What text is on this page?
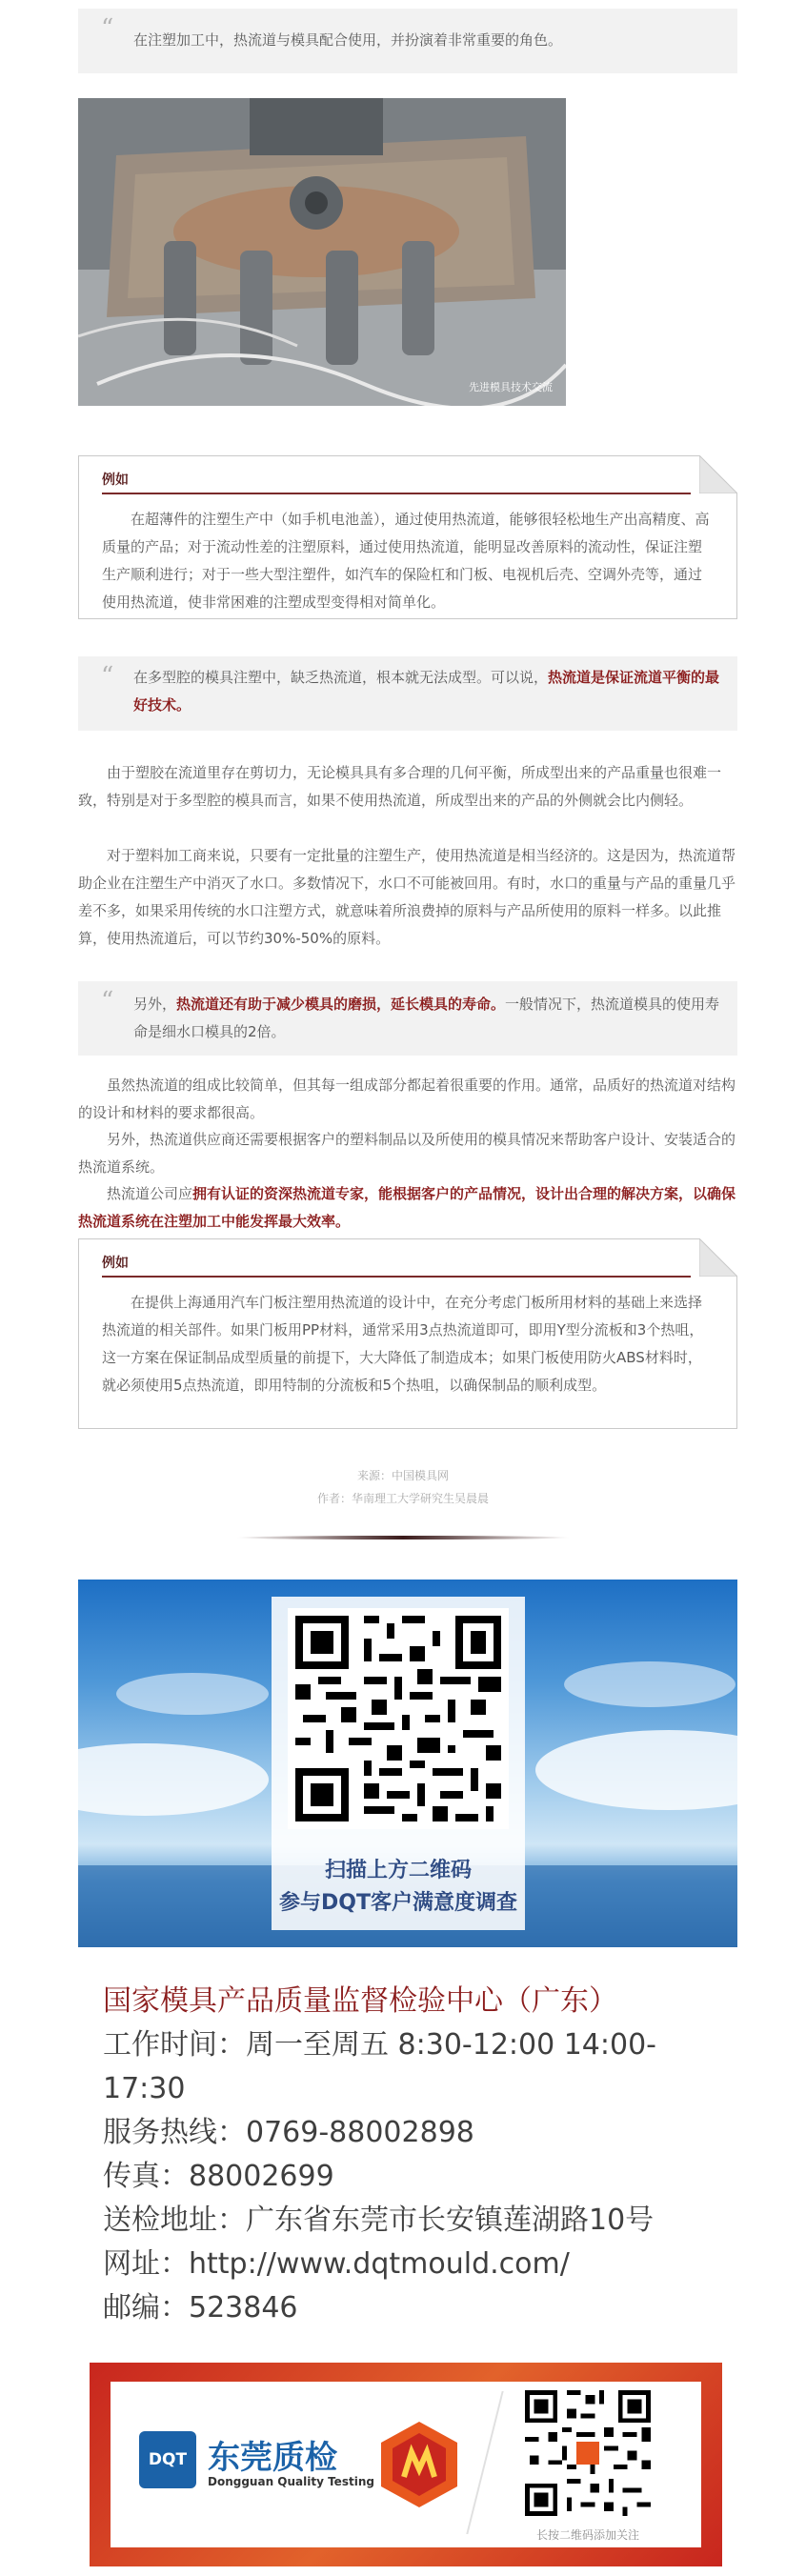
“ 在注塑加工中，热流道与模具配合使用，并扮演着非常重要的角色。

先进模具技术交流
例如

在超薄件的注塑生产中（如手机电池盖），通过使用热流道，能够很轻松地生产出高精度、高质量的产品；对于流动性差的注塑原料，通过使用热流道，能明显改善原料的流动性，保证注塑生产顺利进行；对于一些大型注塑件，如汽车的保险杠和门板、电视机后壳、空调外壳等，通过使用热流道，使非常困难的注塑成型变得相对简单化。

“ 在多型腔的模具注塑中，缺乏热流道，根本就无法成型。可以说，热流道是保证流道平衡的最好技术。

由于塑胶在流道里存在剪切力，无论模具具有多合理的几何平衡，所成型出来的产品重量也很难一致，特别是对于多型腔的模具而言，如果不使用热流道，所成型出来的产品的外侧就会比内侧轻。

对于塑料加工商来说，只要有一定批量的注塑生产，使用热流道是相当经济的。这是因为，热流道帮助企业在注塑生产中消灭了水口。多数情况下，水口不可能被回用。有时，水口的重量与产品的重量几乎差不多，如果采用传统的水口注塑方式，就意味着所浪费掉的原料与产品所使用的原料一样多。以此推算，使用热流道后，可以节约30%-50%的原料。

“ 另外，热流道还有助于减少模具的磨损，延长模具的寿命。一般情况下，热流道模具的使用寿命是细水口模具的2倍。

虽然热流道的组成比较简单，但其每一组成部分都起着很重要的作用。通常，品质好的热流道对结构的设计和材料的要求都很高。

另外，热流道供应商还需要根据客户的塑料制品以及所使用的模具情况来帮助客户设计、安装适合的热流道系统。

热流道公司应拥有认证的资深热流道专家，能根据客户的产品情况，设计出合理的解决方案，以确保热流道系统在注塑加工中能发挥最大效率。

例如

在提供上海通用汽车门板注塑用热流道的设计中，在充分考虑门板所用材料的基础上来选择热流道的相关部件。如果门板用PP材料，通常采用3点热流道即可，即用Y型分流板和3个热咀，这一方案在保证制品成型质量的前提下，大大降低了制造成本；如果门板使用防火ABS材料时，就必须使用5点热流道，即用特制的分流板和5个热咀，以确保制品的顺利成型。

来源：中国模具网
作者：华南理工大学研究生吴晨晨
扫描上方二维码
参与DQT客户满意度调查
国家模具产品质量监督检验中心（广东）
工作时间：周一至周五 8:30-12:00 14:00-
17:30
服务热线：0769-88002898
传真：88002699
送检地址：广东省东莞市长安镇莲湖路10号
网址：http://www.dqtmould.com/
邮编：523846
DQT 东莞质检
Dongguan Quality Testing
长按二维码添加关注
